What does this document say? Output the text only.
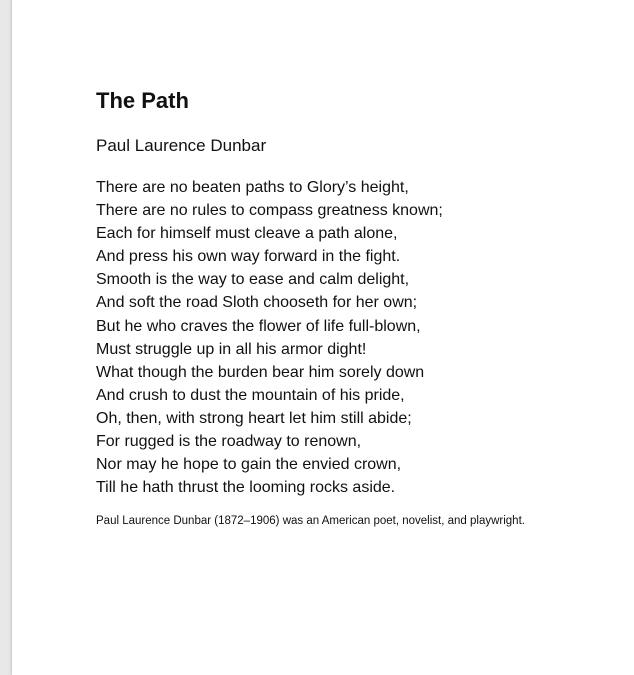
The Path

Paul Laurence Dunbar

There are no beaten paths to Glory’s height,
There are no rules to compass greatness known;
Each for himself must cleave a path alone,
And press his own way forward in the fight.
Smooth is the way to ease and calm delight,
And soft the road Sloth chooseth for her own;
But he who craves the flower of life full-blown,
Must struggle up in all his armor dight!
What though the burden bear him sorely down
And crush to dust the mountain of his pride,
Oh, then, with strong heart let him still abide;
For rugged is the roadway to renown,
Nor may he hope to gain the envied crown,
Till he hath thrust the looming rocks aside.

Paul Laurence Dunbar (1872–1906) was an American poet, novelist, and playwright.
